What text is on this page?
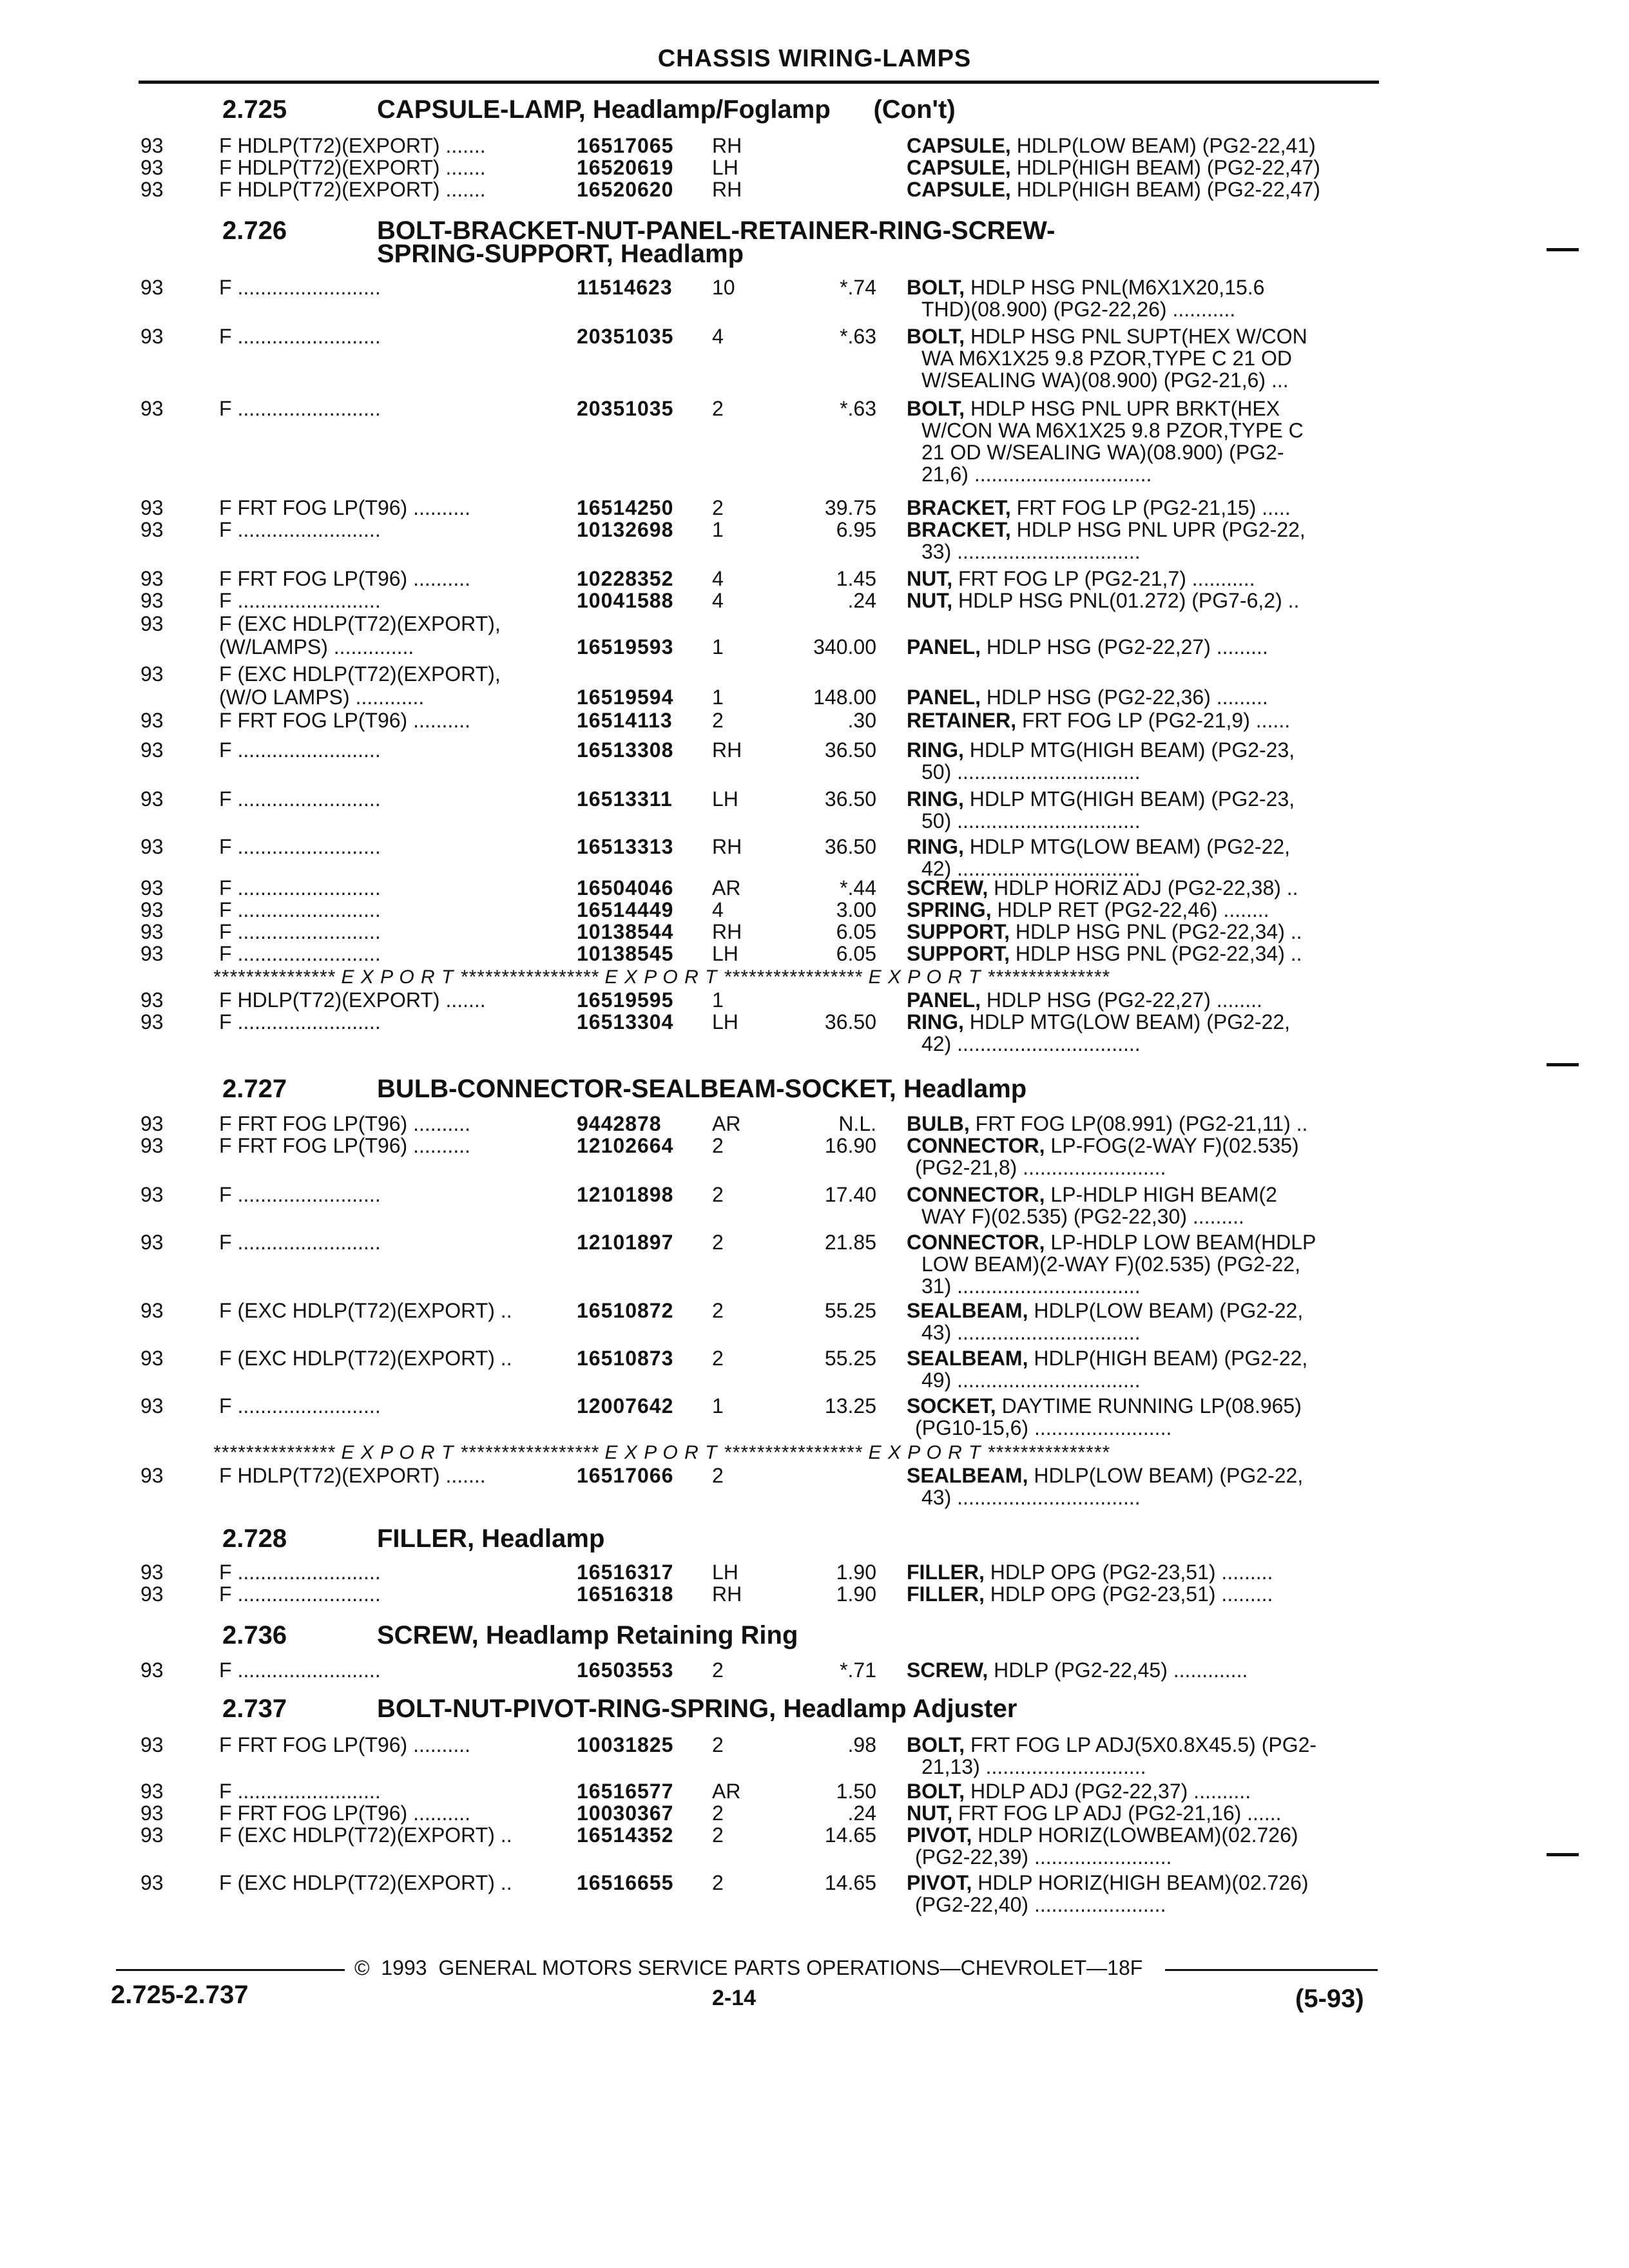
CHASSIS WIRING-LAMPS
2.725	CAPSULE-LAMP, Headlamp/Foglamp      (Con't)
93	F HDLP(T72)(EXPORT) .......	16517065 RH	CAPSULE, HDLP(LOW BEAM) (PG2-22,41)
93	F HDLP(T72)(EXPORT) .......	16520619 LH	CAPSULE, HDLP(HIGH BEAM) (PG2-22,47)
93	F HDLP(T72)(EXPORT) .......	16520620 RH	CAPSULE, HDLP(HIGH BEAM) (PG2-22,47)
2.726	BOLT-BRACKET-NUT-PANEL-RETAINER-RING-SCREW-
SPRING-SUPPORT, Headlamp
93	F .........................	11514623 10	*.74 BOLT, HDLP HSG PNL(M6X1X20,15.6
THD)(08.900) (PG2-22,26) ...........
93	F .........................	20351035 4	*.63 BOLT, HDLP HSG PNL SUPT(HEX W/CON
WA M6X1X25 9.8 PZOR,TYPE C 21 OD
W/SEALING WA)(08.900) (PG2-21,6) ...
93	F .........................	20351035 2	*.63 BOLT, HDLP HSG PNL UPR BRKT(HEX
W/CON WA M6X1X25 9.8 PZOR,TYPE C
21 OD W/SEALING WA)(08.900) (PG2-
21,6) ...............................
93	F FRT FOG LP(T96) ..........	16514250 2	39.75 BRACKET, FRT FOG LP (PG2-21,15) .....
93	F .........................	10132698 1	6.95 BRACKET, HDLP HSG PNL UPR (PG2-22,
33) ................................
93	F FRT FOG LP(T96) ..........	10228352 4	1.45 NUT, FRT FOG LP (PG2-21,7) ...........
93	F .........................	10041588 4	.24 NUT, HDLP HSG PNL(01.272) (PG7-6,2) ..
93	F (EXC HDLP(T72)(EXPORT),
(W/LAMPS) ..............	16519593 1	340.00 PANEL, HDLP HSG (PG2-22,27) .........
93	F (EXC HDLP(T72)(EXPORT),
(W/O LAMPS) ............	16519594 1	148.00 PANEL, HDLP HSG (PG2-22,36) .........
93	F FRT FOG LP(T96) ..........	16514113 2	.30 RETAINER, FRT FOG LP (PG2-21,9) ......
93	F .........................	16513308 RH	36.50 RING, HDLP MTG(HIGH BEAM) (PG2-23,
50) ................................
93	F .........................	16513311 LH	36.50 RING, HDLP MTG(HIGH BEAM) (PG2-23,
50) ................................
93	F .........................	16513313 RH	36.50 RING, HDLP MTG(LOW BEAM) (PG2-22,
42) ................................
93	F .........................	16504046 AR	*.44 SCREW, HDLP HORIZ ADJ (PG2-22,38) ..
93	F .........................	16514449 4	3.00 SPRING, HDLP RET (PG2-22,46) ........
93	F .........................	10138544 RH	6.05 SUPPORT, HDLP HSG PNL (PG2-22,34) ..
93	F .........................	10138545 LH	6.05 SUPPORT, HDLP HSG PNL (PG2-22,34) ..
*************** E X P O R T ***************** E X P O R T ***************** E X P O R T ***************
93	F HDLP(T72)(EXPORT) .......	16519595 1	PANEL, HDLP HSG (PG2-22,27) ........
93	F .........................	16513304 LH	36.50 RING, HDLP MTG(LOW BEAM) (PG2-22,
42) ................................
2.727	BULB-CONNECTOR-SEALBEAM-SOCKET, Headlamp
93	F FRT FOG LP(T96) ..........	9442878 AR	N.L. BULB, FRT FOG LP(08.991) (PG2-21,11) ..
93	F FRT FOG LP(T96) ..........	12102664 2	16.90 CONNECTOR, LP-FOG(2-WAY F)(02.535)
(PG2-21,8) .........................
93	F .........................	12101898 2	17.40 CONNECTOR, LP-HDLP HIGH BEAM(2
WAY F)(02.535) (PG2-22,30) .........
93	F .........................	12101897 2	21.85 CONNECTOR, LP-HDLP LOW BEAM(HDLP
LOW BEAM)(2-WAY F)(02.535) (PG2-22,
31) ................................
93	F (EXC HDLP(T72)(EXPORT) ..	16510872 2	55.25 SEALBEAM, HDLP(LOW BEAM) (PG2-22,
43) ................................
93	F (EXC HDLP(T72)(EXPORT) ..	16510873 2	55.25 SEALBEAM, HDLP(HIGH BEAM) (PG2-22,
49) ................................
93	F .........................	12007642 1	13.25 SOCKET, DAYTIME RUNNING LP(08.965)
(PG10-15,6) ........................
*************** E X P O R T ***************** E X P O R T ***************** E X P O R T ***************
93	F HDLP(T72)(EXPORT) .......	16517066 2	SEALBEAM, HDLP(LOW BEAM) (PG2-22,
43) ................................
2.728	FILLER, Headlamp
93	F .........................	16516317 LH	1.90 FILLER, HDLP OPG (PG2-23,51) .........
93	F .........................	16516318 RH	1.90 FILLER, HDLP OPG (PG2-23,51) .........
2.736	SCREW, Headlamp Retaining Ring
93	F .........................	16503553 2	*.71 SCREW, HDLP (PG2-22,45) .............
2.737	BOLT-NUT-PIVOT-RING-SPRING, Headlamp Adjuster
93	F FRT FOG LP(T96) ..........	10031825 2	.98 BOLT, FRT FOG LP ADJ(5X0.8X45.5) (PG2-
21,13) ............................
93	F .........................	16516577 AR	1.50 BOLT, HDLP ADJ (PG2-22,37) ..........
93	F FRT FOG LP(T96) ..........	10030367 2	.24 NUT, FRT FOG LP ADJ (PG2-21,16) ......
93	F (EXC HDLP(T72)(EXPORT) ..	16514352 2	14.65 PIVOT, HDLP HORIZ(LOWBEAM)(02.726)
(PG2-22,39) ........................
93	F (EXC HDLP(T72)(EXPORT) ..	16516655 2	14.65 PIVOT, HDLP HORIZ(HIGH BEAM)(02.726)
(PG2-22,40) .......................
©  1993  GENERAL MOTORS SERVICE PARTS OPERATIONS—CHEVROLET—18F
2.725-2.737	2-14	(5-93)
